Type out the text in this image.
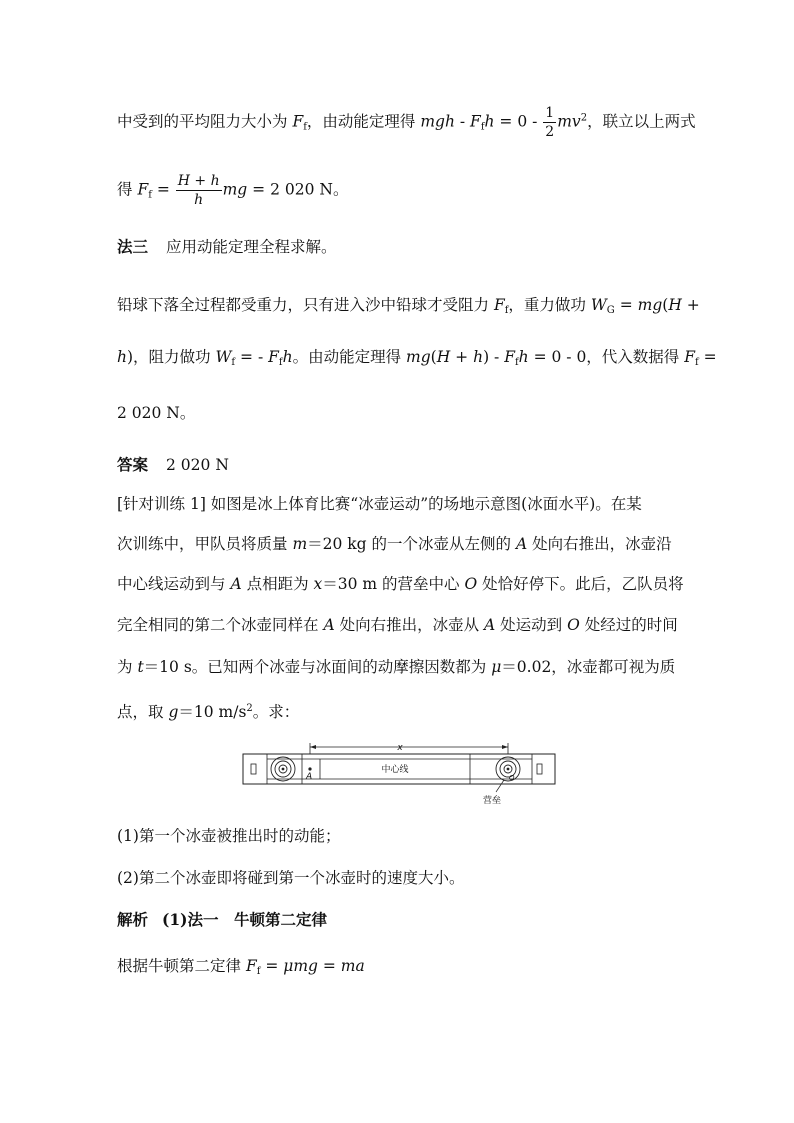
中受到的平均阻力大小为 $F_f$，由动能定理得 mgh - $F_fh = 0 - \frac{1}{2} mv^2$，联立以上两式
得 $F_f = \frac{H + h}{h}$ mg = 2 020 N。
法三 应用动能定理全程求解。
铅球下落全过程都受重力，只有进入沙中铅球才受阻力 $F_f$，重力做功 $W_G = mg(H$ +
h)，阻力做功 $W_f$ = - $F_fh$。由动能定理得 $mg(H + h) - F_fh = 0 - 0$，代入数据得 $F_f$ =
2 020 N。
答案 2 020 N
[针对训练 1] 如图是冰上体育比赛“冰壶运动”的场地示意图(冰面水平)。在某
次训练中，甲队员将质量 m＝20 kg 的一个冰壶从左侧的 A 处向右推出，冰壶沿
中心线运动到与 A 点相距为 x＝30 m 的营垒中心 O 处恰好停下。此后，乙队员将
完全相同的第二个冰壶同样在 A 处向右推出，冰壶从 A 处运动到 O 处经过的时间
为 t＝10 s。已知两个冰壶与冰面间的动摩擦因数都为 μ＝0.02，冰壶都可视为质
点，取 g＝10 $m/s^2$。求：
x
A
中心线
O
营垒
(1)第一个冰壶被推出时的动能；
(2)第二个冰壶即将碰到第一个冰壶时的速度大小。
解析 (1)法一　牛顿第二定律
根据牛顿第二定律 $F_f = \mu mg$ = ma
